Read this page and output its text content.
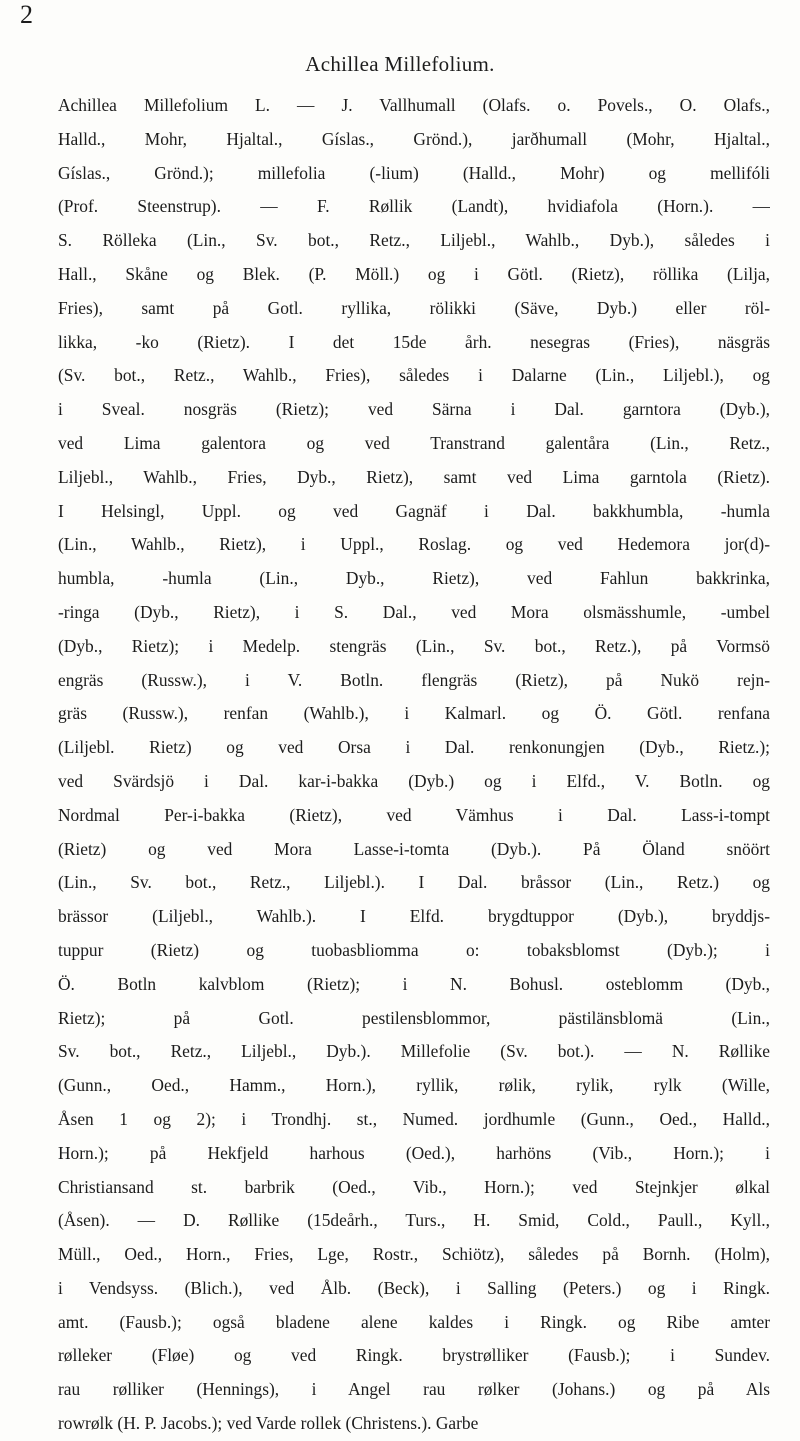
2
Achillea Millefolium.
Achillea Millefolium L. — J. Vallhumall (Olafs. o. Povels., O. Olafs.,
Halld., Mohr, Hjaltal., Gíslas., Grönd.), jarðhumall (Mohr, Hjaltal.,
Gíslas., Grönd.); millefolia (-lium) (Halld., Mohr) og mellifóli
(Prof. Steenstrup). — F. Røllik (Landt), hvidiafola (Horn.). —
S. Rölleka (Lin., Sv. bot., Retz., Liljebl., Wahlb., Dyb.), således i
Hall., Skåne og Blek. (P. Möll.) og i Götl. (Rietz), röllika (Lilja,
Fries), samt på Gotl. ryllika, rölikki (Säve, Dyb.) eller röl-
likka, -ko (Rietz). I det 15de årh. nesegras (Fries), näsgräs
(Sv. bot., Retz., Wahlb., Fries), således i Dalarne (Lin., Liljebl.), og
i Sveal. nosgräs (Rietz); ved Särna i Dal. garntora (Dyb.),
ved Lima galentora og ved Transtrand galentåra (Lin., Retz.,
Liljebl., Wahlb., Fries, Dyb., Rietz), samt ved Lima garntola (Rietz).
I Helsingl, Uppl. og ved Gagnäf i Dal. bakkhumbla, -humla
(Lin., Wahlb., Rietz), i Uppl., Roslag. og ved Hedemora jor(d)-
humbla, -humla (Lin., Dyb., Rietz), ved Fahlun bakkrinka,
-ringa (Dyb., Rietz), i S. Dal., ved Mora olsmässhumle, -umbel
(Dyb., Rietz); i Medelp. stengräs (Lin., Sv. bot., Retz.), på Vormsö
engräs (Russw.), i V. Botln. flengräs (Rietz), på Nukö rejn-
gräs (Russw.), renfan (Wahlb.), i Kalmarl. og Ö. Götl. renfana
(Liljebl. Rietz) og ved Orsa i Dal. renkonungjen (Dyb., Rietz.);
ved Svärdsjö i Dal. kar-i-bakka (Dyb.) og i Elfd., V. Botln. og
Nordmal Per-i-bakka (Rietz), ved Vämhus i Dal. Lass-i-tompt
(Rietz) og ved Mora Lasse-i-tomta (Dyb.). På Öland snöört
(Lin., Sv. bot., Retz., Liljebl.). I Dal. bråssor (Lin., Retz.) og
brässor (Liljebl., Wahlb.). I Elfd. brygdtuppor (Dyb.), bryddjs-
tuppur (Rietz) og tuobasbliomma o: tobaksblomst (Dyb.); i
Ö. Botln kalvblom (Rietz); i N. Bohusl. osteblomm (Dyb.,
Rietz); på Gotl. pestilensblommor, pästilänsblomä (Lin.,
Sv. bot., Retz., Liljebl., Dyb.). Millefolie (Sv. bot.). — N. Røllike
(Gunn., Oed., Hamm., Horn.), ryllik, rølik, rylik, rylk (Wille,
Åsen 1 og 2); i Trondhj. st., Numed. jordhumle (Gunn., Oed., Halld.,
Horn.); på Hekfjeld harhous (Oed.), harhöns (Vib., Horn.); i
Christiansand st. barbrik (Oed., Vib., Horn.); ved Stejnkjer ølkal
(Åsen). — D. Røllike (15deårh., Turs., H. Smid, Cold., Paull., Kyll.,
Müll., Oed., Horn., Fries, Lge, Rostr., Schiötz), således på Bornh. (Holm),
i Vendsyss. (Blich.), ved Ålb. (Beck), i Salling (Peters.) og i Ringk.
amt. (Fausb.); også bladene alene kaldes i Ringk. og Ribe amter
rølleker (Fløe) og ved Ringk. brystrølliker (Fausb.); i Sundev.
rau rølliker (Hennings), i Angel rau rølker (Johans.) og på Als
rowrølk (H. P. Jacobs.); ved Varde rollek (Christens.). Garbe
